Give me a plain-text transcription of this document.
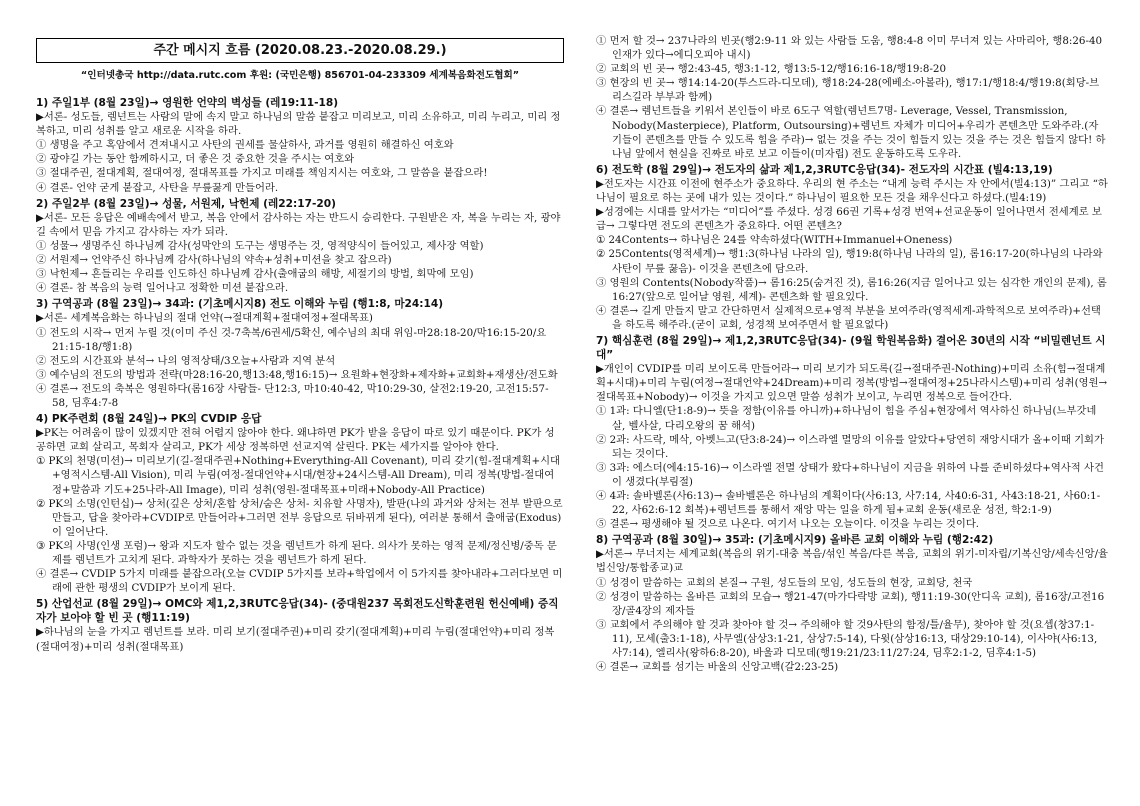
주간 메시지 흐름 (2020.08.23.-2020.08.29.)
“인터넷총국 http://data.rutc.com 후원: (국민은행) 856701-04-233309 세계복음화전도협회”
1) 주일1부 (8월 23일)→ 영원한 언약의 벽성들 (레19:11-18)
▶서론- 성도들, 렘넌트는 사람의 말에 속지 말고 하나님의 말씀 붙잡고 미리보고, 미리 소유하고, 미리 누리고, 미리 정복하고, 미리 성취를 알고 새로운 시작을 하라.
① 생명을 주고 혹암에서 견져내시고 사탄의 권세를 물살하사, 과거를 영원히 해결하신 여호와
② 광야길 가는 동안 함께하시고, 더 좋은 것 중요한 것을 주시는 여호와
③ 절대주권, 절대계획, 절대여정, 절대목표를 가지고 미래를 책임지시는 여호와, 그 말씀을 붙잡으라!
④ 결론- 언약 굳게 붙잡고, 사탄을 무릎꿇게 만들어라.
2) 주일2부 (8월 23일)→ 성물, 서원제, 낙헌제 (레22:17-20)
▶서론- 모든 응답은 예배속에서 받고, 복음 안에서 감사하는 자는 반드시 승리한다. 구원받은 자, 복을 누리는 자, 광야길 속에서 믿음 가지고 감사하는 자가 되라.
① 성물→ 생명주신 하나님께 감사(성막안의 도구는 생명주는 것, 영적양식이 들어있고, 제사장 역할)
② 서원제→ 언약주신 하나님께 감사(하나님의 약속+성취+미션을 찾고 잡으라)
③ 낙헌제→ 흔들리는 우리를 인도하신 하나님께 감사(출애굽의 해방, 세절기의 방법, 회막에 모임)
④ 결론- 참 복음의 능력 일어나고 정확한 미션 붙잡으라.
3) 구역공과 (8월 23일)→ 34과: (기초메시지8) 전도 이해와 누림 (행1:8, 마24:14)
▶서론- 세계복음화는 하나님의 절대 언약(→절대계획+절대여정+절대목표)
① 전도의 시작→ 먼저 누릴 것(이미 주신 것-7축복/6권세/5확신, 예수님의 최대 위임-마28:18-20/막16:15-20/요21:15-18/행1:8)
② 전도의 시간표와 분석→ 나의 영적상태/3오늘+사람과 지역 분석
③ 예수님의 전도의 방법과 전략(마28:16-20,행13:48,행16:15)→ 요원화+현장화+제자화+교회화+재생산/전도화
④ 결론→ 전도의 축복은 영원하다(롬16장 사람들- 단12:3, 마10:40-42, 막10:29-30, 살전2:19-20, 고전15:57-58, 딤후4:7-8
4) PK주련회 (8월 24일)→ PK의 CVDIP 응답
▶PK는 어려움이 많이 있겠지만 전혀 어렵지 않아야 한다. 왜냐하면 PK가 받을 응답이 따로 있기 때문이다. PK가 성공하면 교회 살리고, 목회자 살리고, PK가 세상 정복하면 선교지역 살린다. PK는 세가지를 알아야 한다.
① PK의 천명(미션)→ 미리보기(길-절대주권+Nothing+Everything-All Covenant), 미리 갖기(힘-절대계획+시대+영적시스템-All Vision), 미리 누림(여정-절대언약+시대/현장+24시스템-All Dream), 미리 정복(방법-절대여정+말씀과 기도+25나라-All Image), 미리 성취(영원-절대목표+미래+Nobody-All Practice)
② PK의 소명(인턴십)→ 상처(깊은 상처/혼합 상처/숨은 상처- 치유할 사명자), 발판(나의 과거와 상처는 전부 발판으로 만들고, 답을 찾아라+CVDIP로 만들어라+그러면 전부 응답으로 뒤바뀌게 된다), 여러분 통해서 출애굽(Exodus)이 일어난다.
③ PK의 사명(인생 포럼)→ 왕과 지도자 할수 없는 것을 렘넌트가 하게 된다. 의사가 못하는 영적 문제/정신병/중독 문제를 렘넌트가 고치게 된다. 과학자가 못하는 것을 렘넌트가 하게 된다.
④ 결론→ CVDIP 5가지 미래를 붙잡으라(오늘 CVDIP 5가지를 보라+학업에서 이 5가지를 찾아내라+그러다보면 미래에 관한 평생의 CVDIP가 보이게 된다.
5) 산업선교 (8월 29일)→ OMC와 제1,2,3RUTC응답(34)- (중대원237 목회전도신학훈련원 헌신예배) 증직자가 보아야 할 빈 곳 (행11:19)
▶하나님의 눈을 가지고 렘넌트를 보라. 미리 보기(절대주권)+미리 갖기(절대계획)+미리 누림(절대언약)+미리 정복(절대여정)+미리 성취(절대목표)
① 먼저 할 것→ 237나라의 빈곳(행2:9-11 와 있는 사람들 도움, 행8:4-8 이미 무너져 있는 사마리아, 행8:26-40 인재가 있다→에디오피아 내시)
② 교회의 빈 곳→ 행2:43-45, 행3:1-12, 행13:5-12/행16:16-18/행19:8-20
③ 현장의 빈 곳→ 행14:14-20(투스드라-디모데), 행18:24-28(에베소-아볼라), 행17:1/행18:4/행19:8(회당-브리스길라 부부과 함께)
④ 결론→ 렘넌트들을 키워서 본인들이 바로 6도구 역할(렘넌트7명- Leverage, Vessel, Transmission, Nobody(Masterpiece), Platform, Outsoursing)+렘넌트 자체가 미디어+우리가 콘텐츠만 도와주라.(자기들이 콘텐츠를 만들 수 있도록 힘을 주라)→ 없는 것을 주는 것이 힘들지 있는 것을 주는 것은 힘들지 않다! 하나님 앞에서 현실을 진짜로 바로 보고 이들이(미자립) 전도 운동하도록 도우라.
6) 전도학 (8월 29일)→ 전도자의 삶과 제1,2,3RUTC응답(34)- 전도자의 시간표 (빌4:13,19)
▶전도자는 시간표 이전에 현주소가 중요하다. 우리의 현 주소는 “내게 능력 주시는 자 안에서(빌4:13)” 그리고 “하나님이 필요로 하는 곳에 내가 있는 것이다.” 하나님이 필요한 모든 것을 채우신다고 하셨다.(빌4:19)
▶성경에는 시대를 앞서가는 “미디어”를 주셨다. 성경 66권 기록+성경 번역+선교운동이 일어나면서 전세계로 보급→ 그렇다면 전도의 콘텐츠가 중요하다. 어떤 콘텐츠?
① 24Contents→ 하나님은 24를 약속하셨다(WITH+Immanuel+Oneness)
② 25Contents(영적세계)→ 행1:3(하나님 나라의 일), 행19:8(하나님 나라의 일), 롬16:17-20(하나님의 나라와 사탄이 무릎 꿇음)- 이것을 콘텐츠에 담으라.
③ 영원의 Contents(Nobody작품)→ 롬16:25(숨겨진 것), 롬16:26(지금 일어나고 있는 심각한 개인의 문제), 롬16:27(앞으로 일어날 영원, 세계)- 콘텐츠화 할 필요있다.
④ 결론→ 길게 만들지 말고 간단하면서 실제적으로+영적 부분을 보여주라(영적세계-과학적으로 보여주라)+선택을 하도록 해주라.(굳이 교회, 성경책 보여주면서 할 필요없다)
7) 핵심훈련 (8월 29일)→ 제1,2,3RUTC응답(34)- (9월 학원복음화) 결어온 30년의 시작 “비밀렌넌트 시대”
▶개인이 CVDIP를 미리 보이도록 만들어라→ 미리 보기가 되도록(길→절대주권-Nothing)+미리 소유(힘→절대계획+시대)+미리 누림(여정→절대언약+24Dream)+미리 정복(방법→절대여정+25나라시스템)+미리 성취(영원→절대목표+Nobody)→ 이것을 가지고 있으면 말씀 성취가 보이고, 누리면 정복으로 들어간다.
① 1과: 다니엘(단1:8-9)→ 뜻을 정함(이유를 아니까)+하나님이 힘을 주심+현장에서 역사하신 하나님(느부갓네살, 벨사살, 다리오왕의 꿈 해석)
② 2과: 사드락, 메삭, 아벳느고(단3:8-24)→ 이스라엘 멸망의 이유를 알았다+당연히 재앙시대가 올+이때 기회가 되는 것이다.
③ 3과: 에스더(에4:15-16)→ 이스라엘 전멸 상태가 왔다+하나님이 지금을 위하여 나를 준비하셨다+역사적 사건이 생겼다(부림절)
④ 4과: 솔바벨론(사6:13)→ 솔바벨론은 하나님의 계획이다(사6:13, 사7:14, 사40:6-31, 사43:18-21, 사60:1-22, 사62:6-12 회복)+렘넌트를 통해서 재앙 막는 일을 하게 됨+교회 운동(새로운 성전, 학2:1-9)
⑤ 결론→ 평생해야 될 것으로 나온다. 여기서 나오는 오늘이다. 이것을 누리는 것이다.
8) 구역공과 (8월 30일)→ 35과: (기초메시지9) 올바른 교회 이해와 누림 (행2:42)
▶서론→ 무너지는 세계교회(복음의 위기-대충 복음/섞인 복음/다른 복음, 교회의 위기-미자립/기복신앙/세속신앙/율법신앙/통합종교)교
① 성경이 말씀하는 교회의 본질→ 구원, 성도들의 모임, 성도들의 현장, 교회당, 천국
② 성경이 말씀하는 올바른 교회의 모습→ 행21-47(마가다락방 교회), 행11:19-30(안디옥 교회), 롬16장/고전16장/골4장의 제자들
③ 교회에서 주의해야 할 것과 찾아야 할 것→ 주의해야 할 것9사탄의 함정/틀/율무), 찾아야 할 것(요셉(창37:1-11), 모세(출3:1-18), 사무엘(삼상3:1-21, 삼상7:5-14), 다윗(삼상16:13, 대상29:10-14), 이사야(사6:13, 사7:14), 엘리사(왕하6:8-20), 바울과 디모데(행19:21/23:11/27:24, 딤후2:1-2, 딤후4:1-5)
④ 결론→ 교회를 섬기는 바울의 신앙고백(갈2:23-25)
